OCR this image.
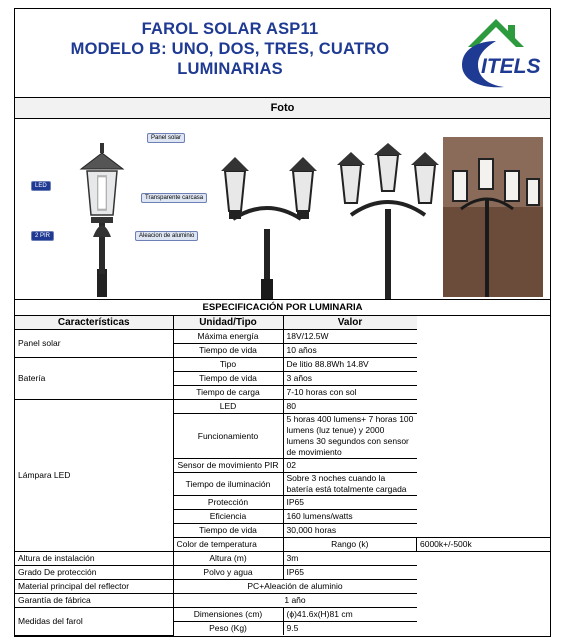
FAROL SOLAR ASP11
MODELO B: UNO, DOS, TRES, CUATRO
LUMINARIAS	ITELS
Foto
Panel solar
LED
Transparente carcasa
2 PIR	Aleacion de aluminio
ESPECIFICACIÓN POR LUMINARIA
Características	Unidad/Tipo	Valor	
Panel solar	Máxima energía	18V/12.5W	
	Tiempo de vida	10 años	
Batería	Tipo	De litio 88.8Wh 14.8V	
	Tiempo de vida	3 años	
	Tiempo de carga	7-10 horas con sol	
Lámpara LED	LED	80	
	Funcionamiento	5 horas 400 lumens+ 7 horas 100 lumens (luz tenue) y 2000 lumens 30 segundos con sensor de movimiento	
	Sensor de movimiento PIR	02	
	Tiempo de iluminación	Sobre 3 noches cuando la batería está totalmente cargada	
	Protección	IP65	
	Eficiencia	160 lumens/watts	
	Tiempo de vida	30,000 horas	
	Color de temperatura	Rango (k)	6000k+/-500k
Altura de instalación	Altura (m)	3m	
Grado De protección	Polvo y agua	IP65	
Material principal del reflector	PC+Aleación de aluminio		
Garantía de fábrica	1 año		
Medidas del farol	Dimensiones (cm)	(ϕ)41.6x(H)81 cm	
	Peso (Kg)	9.5	
